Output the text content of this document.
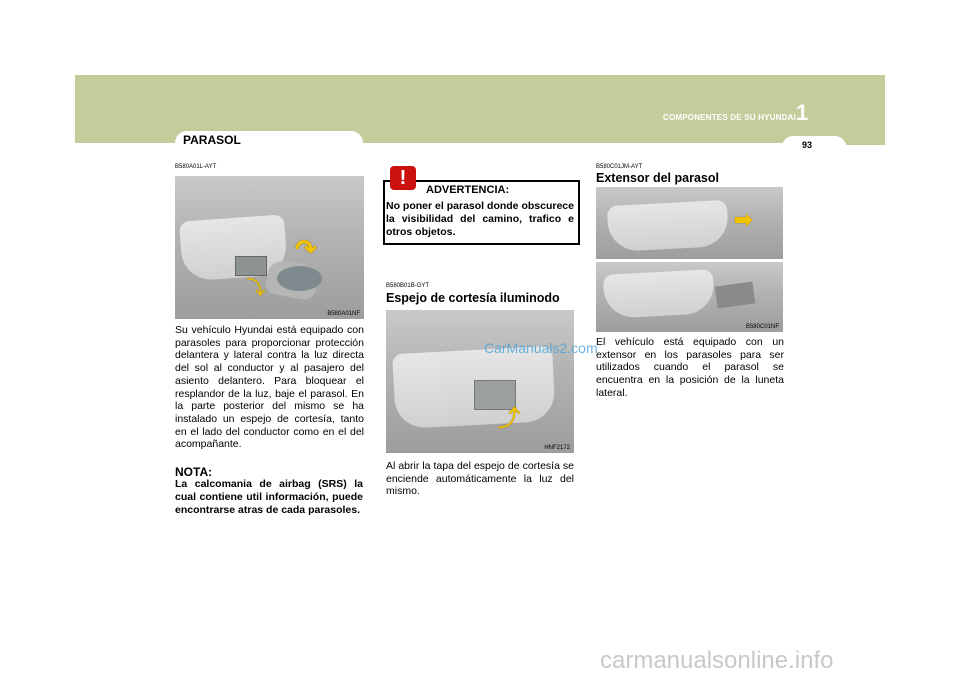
COMPONENTES DE SU HYUNDAI 1
93
PARASOL
B580A01L-AYT
⤵
↷
B580A01NF
Su vehículo Hyundai está equipado con parasoles para proporcionar protección delantera y lateral contra la luz directa del sol al conductor y al pasajero del asiento delantero. Para bloquear el resplandor de la luz, baje el parasol. En la parte posterior del mismo se ha instalado un espejo de cortesía, tanto en el lado del conductor como en el del acompañante.
NOTA:
La calcomania de airbag (SRS) la cual contiene util información, puede encontrarse atras de cada parasoles.
!
ADVERTENCIA:
No poner el parasol donde obscurece la visibilidad del camino, trafico e otros objetos.
B580B01B-GYT
Espejo de cortesía iluminodo
⤴
HNF2172
Al abrir la tapa del espejo de cortesía se enciende automáticamente la luz del mismo.
B580C01JM-AYT
Extensor del parasol
➡
B580C01NF
El vehículo está equipado con un extensor en los parasoles para ser utilizados cuando el parasol se encuentra en la posición de la luneta lateral.
CarManuals2.com
carmanualsonline.info
